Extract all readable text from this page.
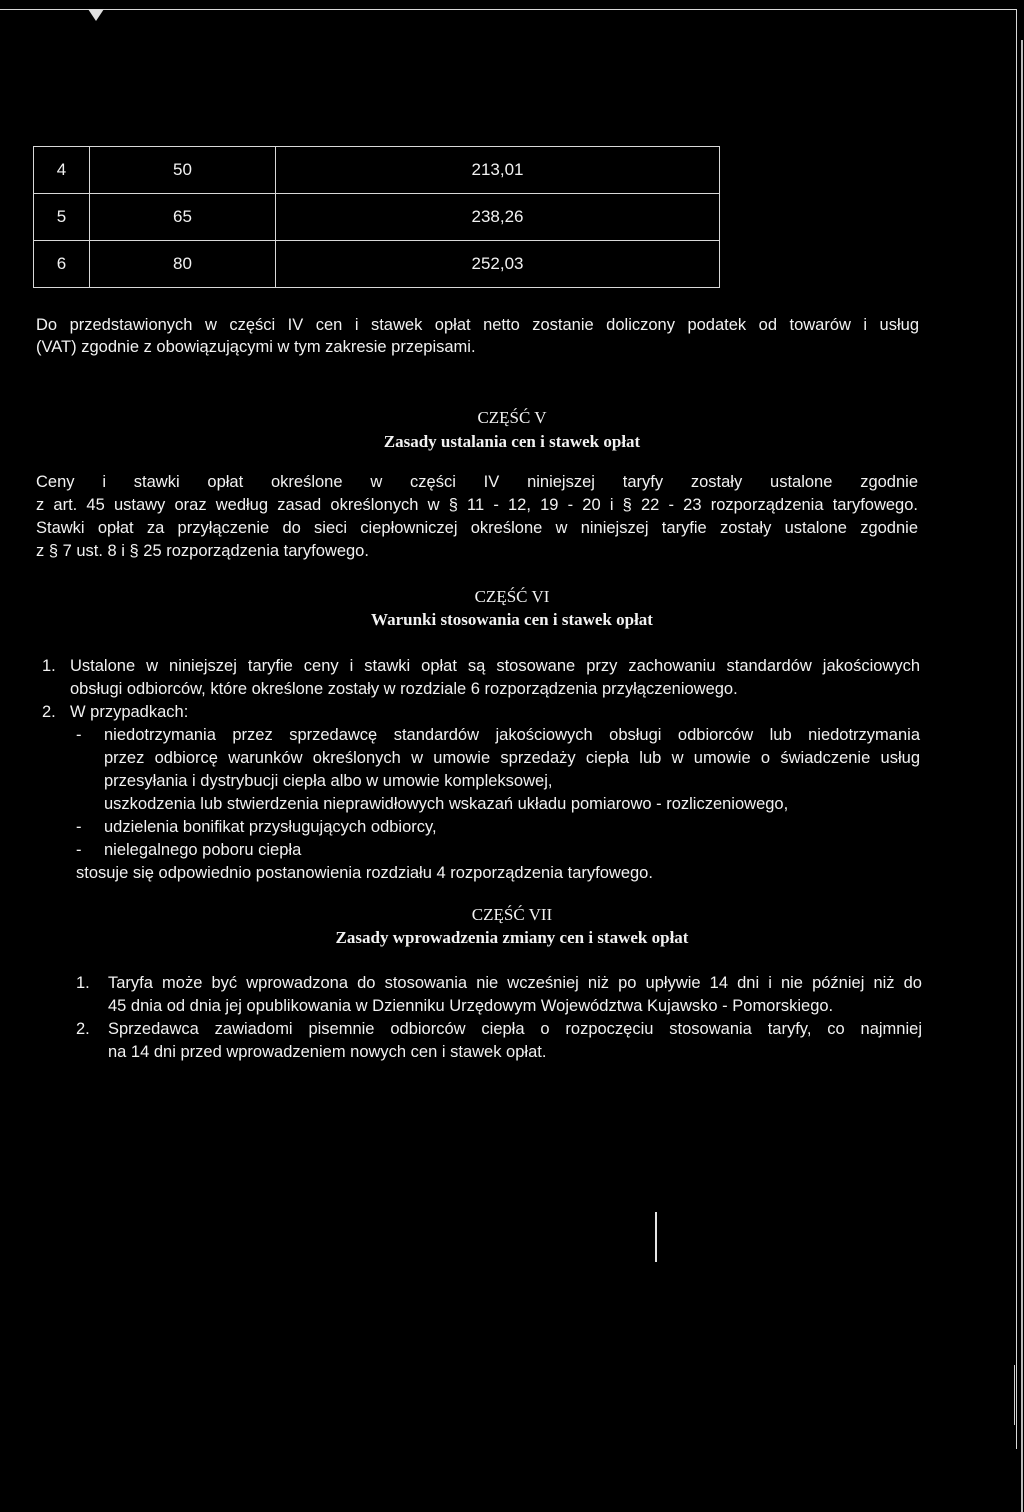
4	50	213,01
5	65	238,26
6	80	252,03
Do przedstawionych w części IV cen i stawek opłat netto zostanie doliczony podatek od towarów i usług
(VAT) zgodnie z obowiązującymi w tym zakresie przepisami.
CZĘŚĆ V
Zasady ustalania cen i stawek opłat
Ceny i stawki opłat określone w części IV niniejszej taryfy zostały ustalone zgodnie
z art. 45 ustawy oraz według zasad określonych w § 11 - 12, 19 - 20 i § 22 - 23 rozporządzenia taryfowego.
Stawki opłat za przyłączenie do sieci ciepłowniczej określone w niniejszej taryfie zostały ustalone zgodnie
z § 7 ust. 8 i § 25 rozporządzenia taryfowego.
CZĘŚĆ VI
Warunki stosowania cen i stawek opłat
1. Ustalone w niniejszej taryfie ceny i stawki opłat są stosowane przy zachowaniu standardów jakościowych
obsługi odbiorców, które określone zostały w rozdziale 6 rozporządzenia przyłączeniowego.
2. W przypadkach:
- niedotrzymania przez sprzedawcę standardów jakościowych obsługi odbiorców lub niedotrzymania
przez odbiorcę warunków określonych w umowie sprzedaży ciepła lub w umowie o świadczenie usług
przesyłania i dystrybucji ciepła albo w umowie kompleksowej,
uszkodzenia lub stwierdzenia nieprawidłowych wskazań układu pomiarowo - rozliczeniowego,
- udzielenia bonifikat przysługujących odbiorcy,
- nielegalnego poboru ciepła
stosuje się odpowiednio postanowienia rozdziału 4 rozporządzenia taryfowego.
CZĘŚĆ VII
Zasady wprowadzenia zmiany cen i stawek opłat
1. Taryfa może być wprowadzona do stosowania nie wcześniej niż po upływie 14 dni i nie później niż do
45 dnia od dnia jej opublikowania w Dzienniku Urzędowym Województwa Kujawsko - Pomorskiego.
2. Sprzedawca zawiadomi pisemnie odbiorców ciepła o rozpoczęciu stosowania taryfy, co najmniej
na 14 dni przed wprowadzeniem nowych cen i stawek opłat.
